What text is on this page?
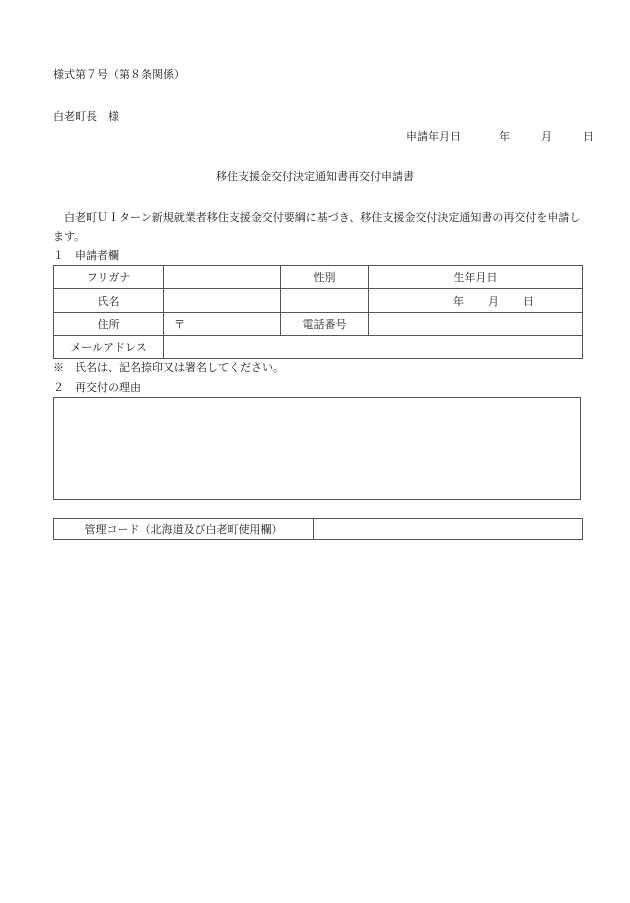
様式第７号（第８条関係）
白老町長　様
申請年月日	年	月	日
移住支援金交付決定通知書再交付申請書
白老町ＵＩターン新規就業者移住支援金交付要綱に基づき、移住支援金交付決定通知書の再交付を申請します。
１　申請者欄
フリガナ		性別	生年月日
氏名			年 月 日
住所	〒	電話番号	
メールアドレス			
※　氏名は、記名捺印又は署名してください。
２　再交付の理由
管理コード（北海道及び白老町使用欄）	
